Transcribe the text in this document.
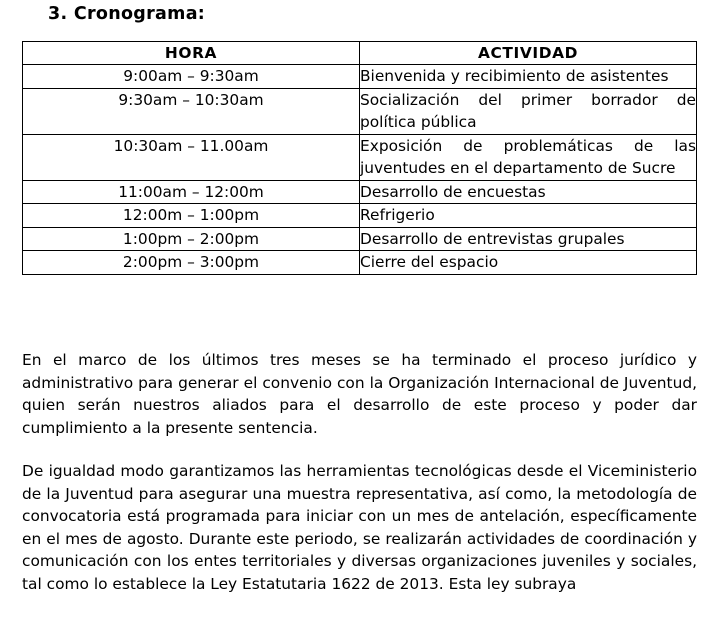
3. Cronograma:
HORA	ACTIVIDAD
9:00am – 9:30am	Bienvenida y recibimiento de asistentes
9:30am – 10:30am	Socialización del primer borrador de política pública
10:30am – 11.00am	Exposición de problemáticas de las juventudes en el departamento de Sucre
11:00am – 12:00m	Desarrollo de encuestas
12:00m – 1:00pm	Refrigerio
1:00pm – 2:00pm	Desarrollo de entrevistas grupales
2:00pm – 3:00pm	Cierre del espacio

En el marco de los últimos tres meses se ha terminado el proceso jurídico y administrativo para generar el convenio con la Organización Internacional de Juventud, quien serán nuestros aliados para el desarrollo de este proceso y poder dar cumplimiento a la presente sentencia.

De igualdad modo garantizamos las herramientas tecnológicas desde el Viceministerio de la Juventud para asegurar una muestra representativa, así como, la metodología de convocatoria está programada para iniciar con un mes de antelación, específicamente en el mes de agosto. Durante este periodo, se realizarán actividades de coordinación y comunicación con los entes territoriales y diversas organizaciones juveniles y sociales, tal como lo establece la Ley Estatutaria 1622 de 2013. Esta ley subraya
